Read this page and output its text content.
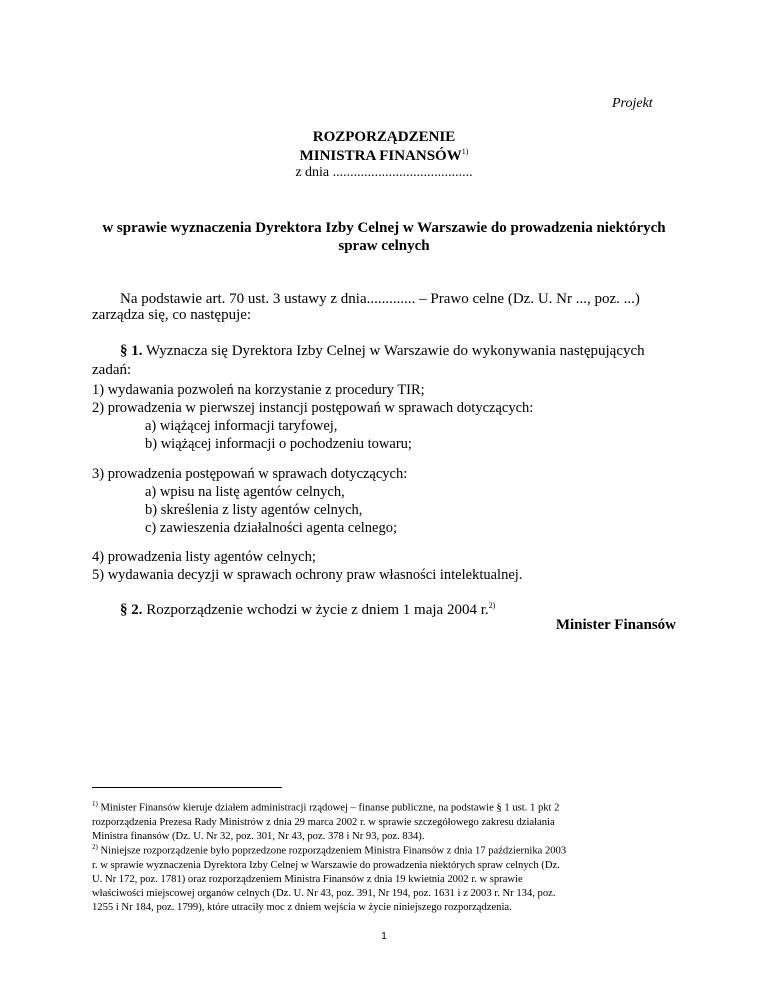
Projekt
ROZPORZĄDZENIE
MINISTRA FINANSÓW$^{1)}$
z dnia ........................................
w sprawie wyznaczenia Dyrektora Izby Celnej w Warszawie do prowadzenia niektórych
spraw celnych
Na podstawie art. 70 ust. 3 ustawy z dnia............. – Prawo celne (Dz. U. Nr ..., poz. ...)
zarządza się, co następuje:
§ 1. Wyznacza się Dyrektora Izby Celnej w Warszawie do wykonywania następujących
zadań:
1) wydawania pozwoleń na korzystanie z procedury TIR;
2) prowadzenia w pierwszej instancji postępowań w sprawach dotyczących:
a) wiążącej informacji taryfowej,
b) wiążącej informacji o pochodzeniu towaru;
3) prowadzenia postępowań w sprawach dotyczących:
a) wpisu na listę agentów celnych,
b) skreślenia z listy agentów celnych,
c) zawieszenia działalności agenta celnego;
4) prowadzenia listy agentów celnych;
5) wydawania decyzji w sprawach ochrony praw własności intelektualnej.
§ 2. Rozporządzenie wchodzi w życie z dniem 1 maja 2004 r.$^{2)}$
Minister Finansów
$^{1)}$ Minister Finansów kieruje działem administracji rządowej – finanse publiczne, na podstawie § 1 ust. 1 pkt 2
rozporządzenia Prezesa Rady Ministrów z dnia 29 marca 2002 r. w sprawie szczegółowego zakresu działania
Ministra finansów (Dz. U. Nr 32, poz. 301, Nr 43, poz. 378 i Nr 93, poz. 834).
$^{2)}$ Niniejsze rozporządzenie było poprzedzone rozporządzeniem Ministra Finansów z dnia 17 października 2003
r. w sprawie wyznaczenia Dyrektora Izby Celnej w Warszawie do prowadzenia niektórych spraw celnych (Dz.
U. Nr 172, poz. 1781) oraz rozporządzeniem Ministra Finansów z dnia 19 kwietnia 2002 r. w sprawie
właściwości miejscowej organów celnych (Dz. U. Nr 43, poz. 391, Nr 194, poz. 1631 i z 2003 r. Nr 134, poz.
1255 i Nr 184, poz. 1799), które utraciły moc z dniem wejścia w życie niniejszego rozporządzenia.
1
